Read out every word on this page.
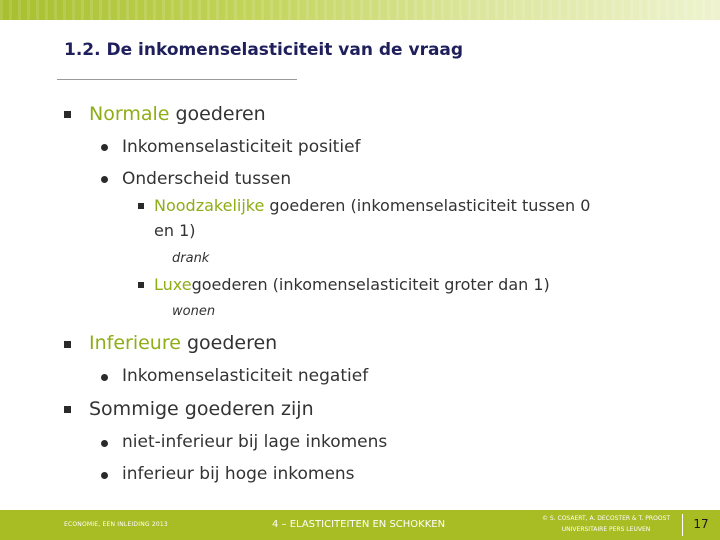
1.2. De inkomenselasticiteit van de vraag
Normale goederen
Inkomenselasticiteit positief
Onderscheid tussen
Noodzakelijke goederen (inkomenselasticiteit tussen 0
en 1)
drank
Luxegoederen (inkomenselasticiteit groter dan 1)
wonen
Inferieure goederen
Inkomenselasticiteit negatief
Sommige goederen zijn
niet-inferieur bij lage inkomens
inferieur bij hoge inkomens
ECONOMIE, EEN INLEIDING 2013	4 – ELASTICITEITEN EN SCHOKKEN
© S. COSAERT, A. DECOSTER & T. PROOST
UNIVERSITAIRE PERS LEUVEN	17
